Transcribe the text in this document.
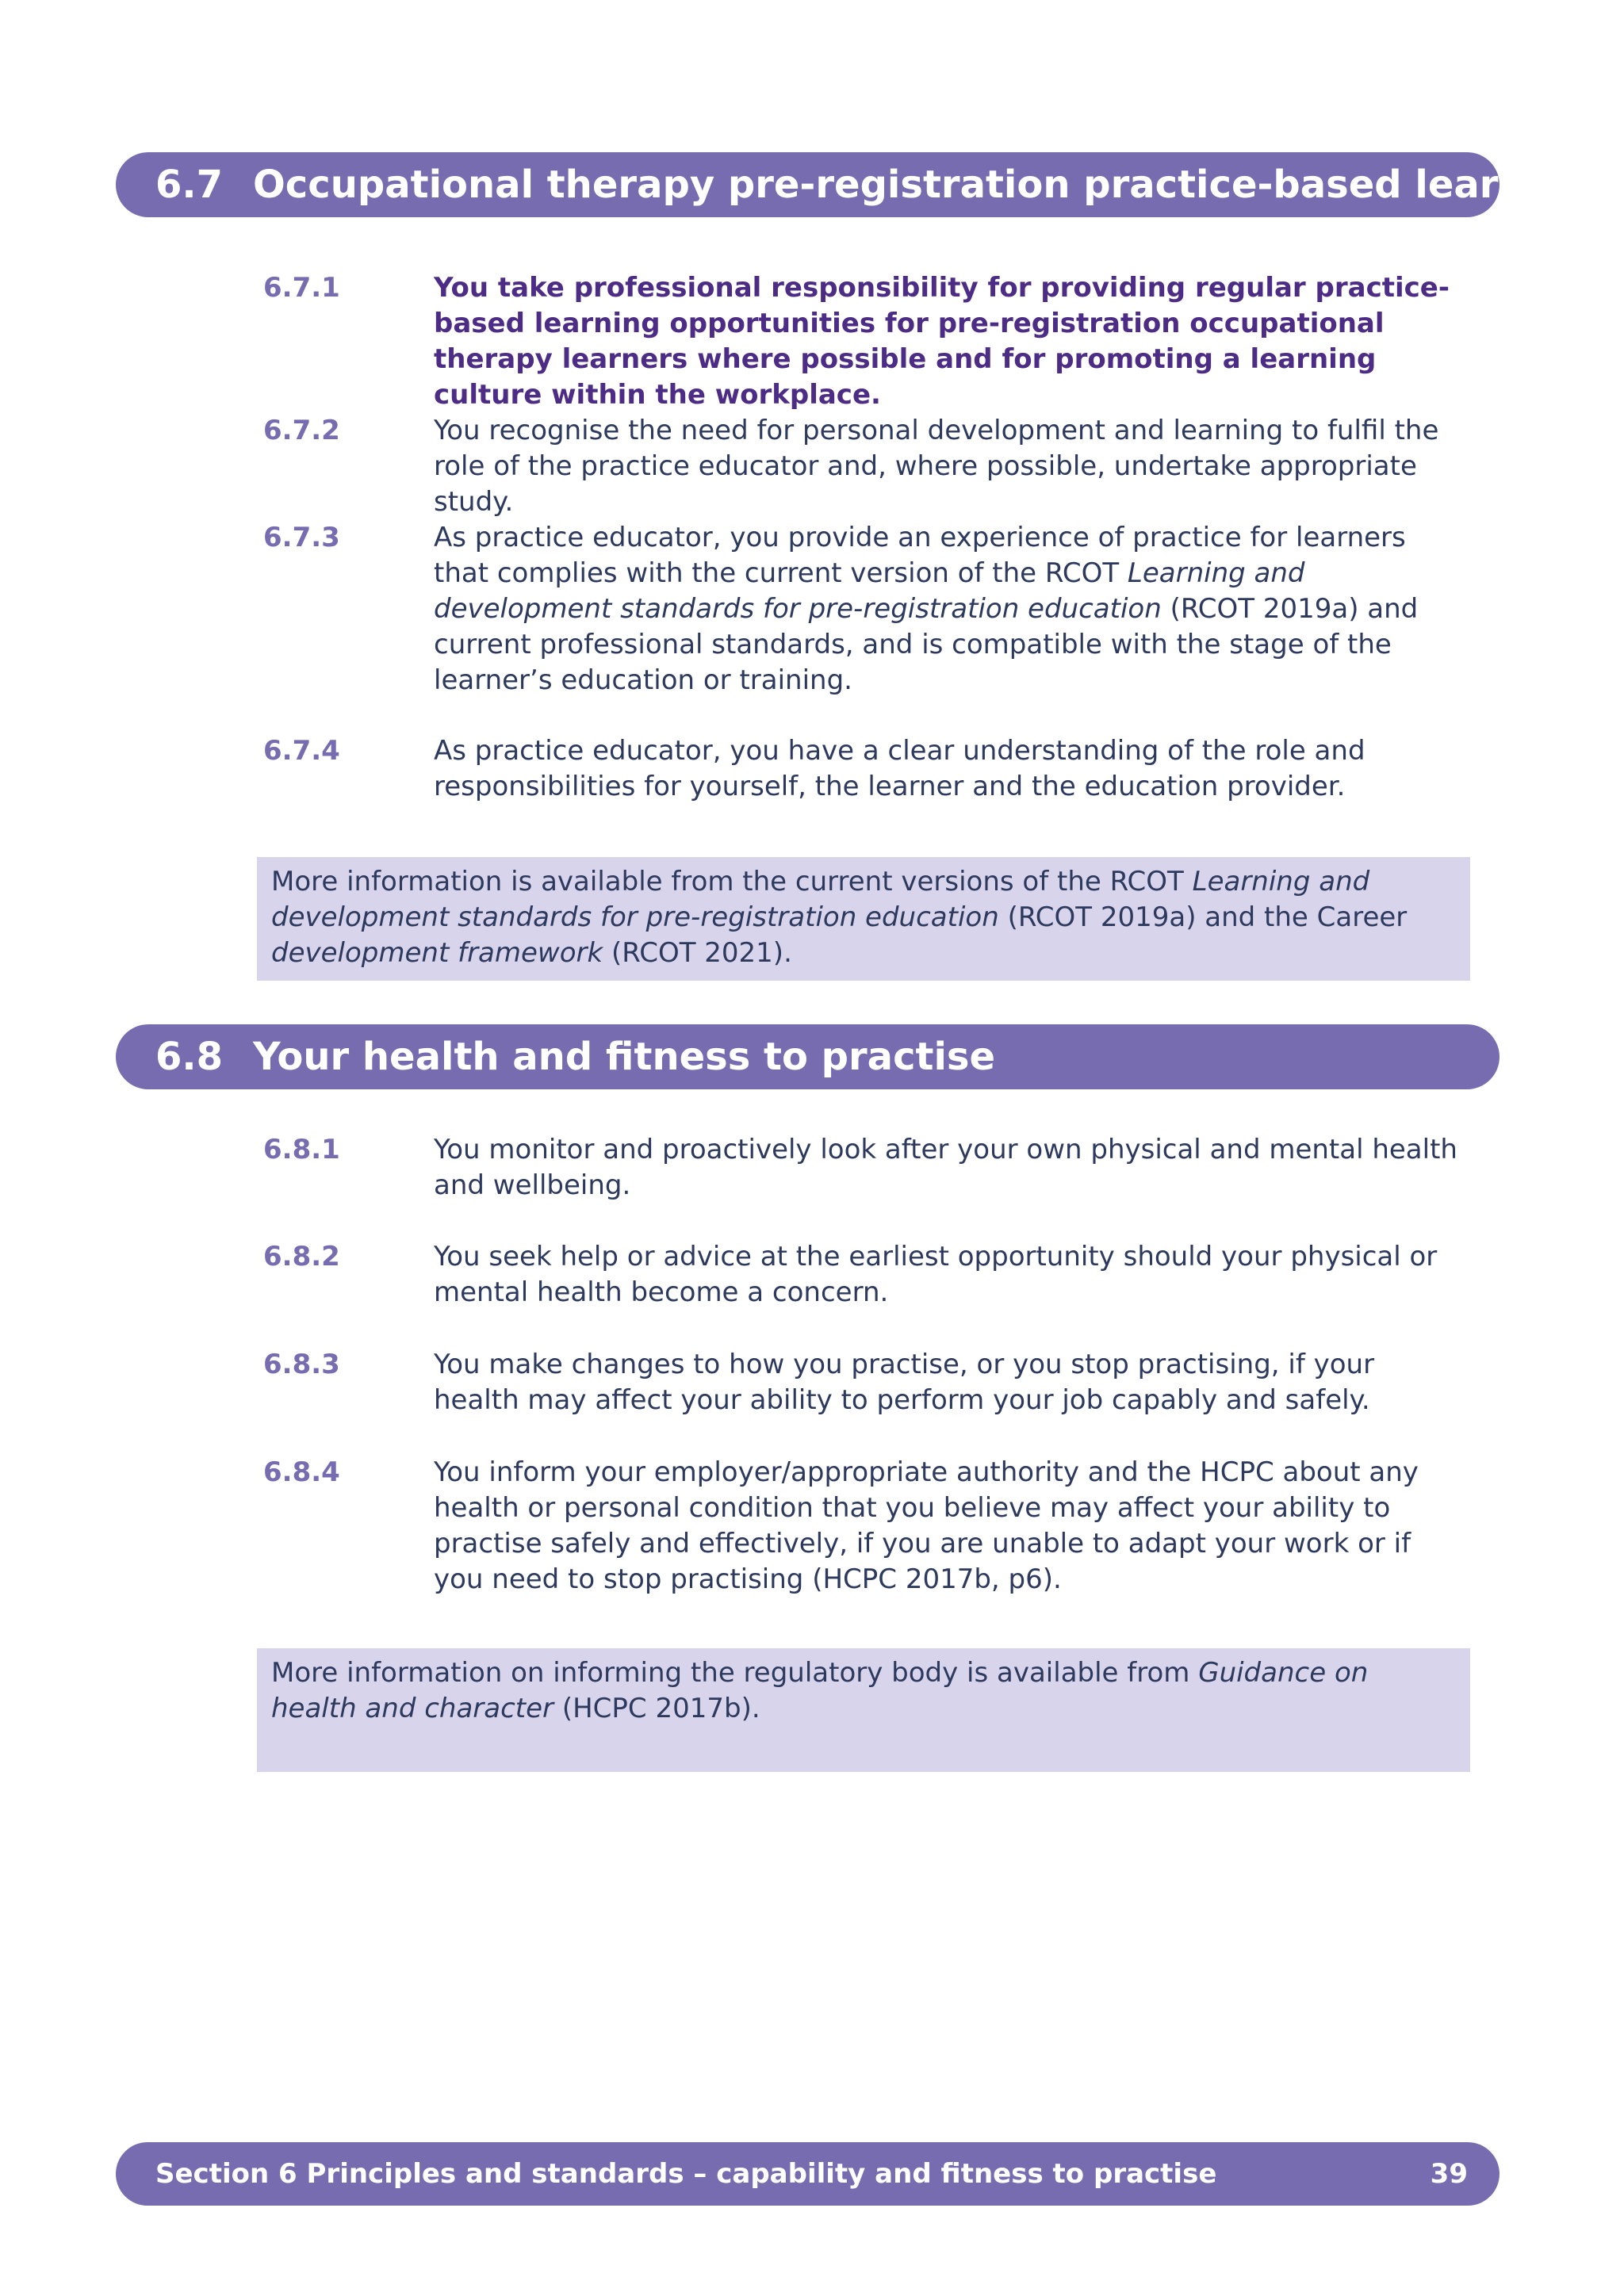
6.7 Occupational therapy pre-registration practice-based learning
6.7.1	You take professional responsibility for providing regular practice-based learning opportunities for pre-registration occupational therapy learners where possible and for promoting a learning culture within the workplace.
6.7.2	You recognise the need for personal development and learning to fulfil the role of the practice educator and, where possible, undertake appropriate study.
6.7.3	As practice educator, you provide an experience of practice for learners that complies with the current version of the RCOT Learning and development standards for pre-registration education (RCOT 2019a) and current professional standards, and is compatible with the stage of the learner’s education or training.
6.7.4	As practice educator, you have a clear understanding of the role and responsibilities for yourself, the learner and the education provider.
More information is available from the current versions of the RCOT Learning and development standards for pre-registration education (RCOT 2019a) and the Career development framework (RCOT 2021).
6.8 Your health and fitness to practise
6.8.1	You monitor and proactively look after your own physical and mental health and wellbeing.
6.8.2	You seek help or advice at the earliest opportunity should your physical or mental health become a concern.
6.8.3	You make changes to how you practise, or you stop practising, if your health may affect your ability to perform your job capably and safely.
6.8.4	You inform your employer/appropriate authority and the HCPC about any health or personal condition that you believe may affect your ability to practise safely and effectively, if you are unable to adapt your work or if you need to stop practising (HCPC 2017b, p6).
More information on informing the regulatory body is available from Guidance on health and character (HCPC 2017b).
Section 6 Principles and standards – capability and fitness to practise	39
